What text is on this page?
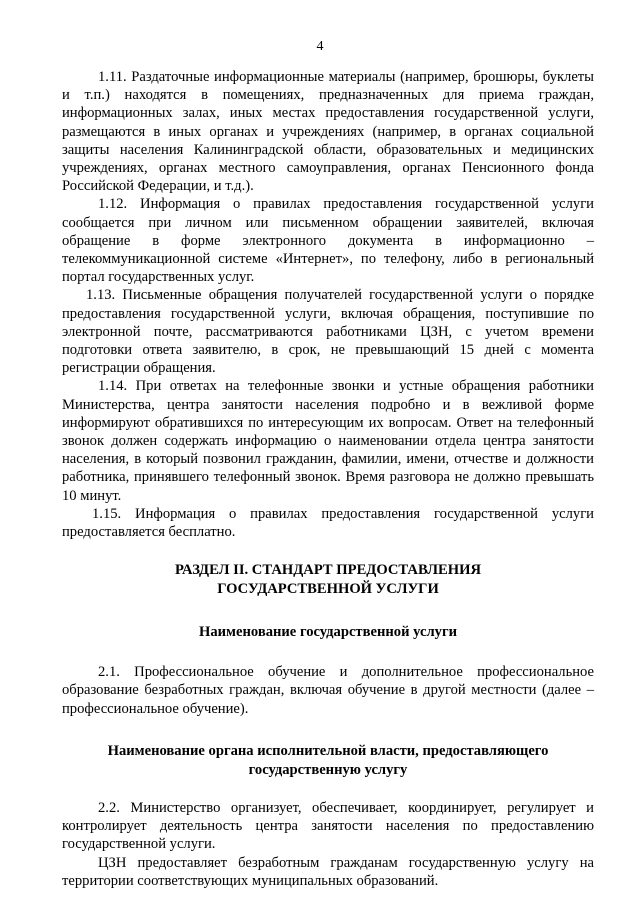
4

1.11. Раздаточные информационные материалы (например, брошюры, буклеты и т.п.) находятся в помещениях, предназначенных для приема граждан, информационных залах, иных местах предоставления государственной услуги, размещаются в иных органах и учреждениях (например, в органах социальной защиты населения Калининградской области, образовательных и медицинских учреждениях, органах местного самоуправления, органах Пенсионного фонда Российской Федерации, и т.д.).

1.12. Информация о правилах предоставления государственной услуги сообщается при личном или письменном обращении заявителей, включая обращение в форме электронного документа в информационно – телекоммуникационной системе «Интернет», по телефону, либо в региональный портал государственных услуг.

1.13. Письменные обращения получателей государственной услуги о порядке предоставления государственной услуги, включая обращения, поступившие по электронной почте, рассматриваются работниками ЦЗН, с учетом времени подготовки ответа заявителю, в срок, не превышающий 15 дней с момента регистрации обращения.

1.14. При ответах на телефонные звонки и устные обращения работники Министерства, центра занятости населения подробно и в вежливой форме информируют обратившихся по интересующим их вопросам. Ответ на телефонный звонок должен содержать информацию о наименовании отдела центра занятости населения, в который позвонил гражданин, фамилии, имени, отчестве и должности работника, принявшего телефонный звонок. Время разговора не должно превышать 10 минут.

1.15. Информация о правилах предоставления государственной услуги предоставляется бесплатно.

РАЗДЕЛ II. СТАНДАРТ ПРЕДОСТАВЛЕНИЯ
ГОСУДАРСТВЕННОЙ УСЛУГИ
Наименование государственной услуги

2.1. Профессиональное обучение и дополнительное профессиональное образование безработных граждан, включая обучение в другой местности (далее – профессиональное обучение).

Наименование органа исполнительной власти, предоставляющего
государственную услугу

2.2. Министерство организует, обеспечивает, координирует, регулирует и контролирует деятельность центра занятости населения по предоставлению государственной услуги.

ЦЗН предоставляет безработным гражданам государственную услугу на территории соответствующих муниципальных образований.
